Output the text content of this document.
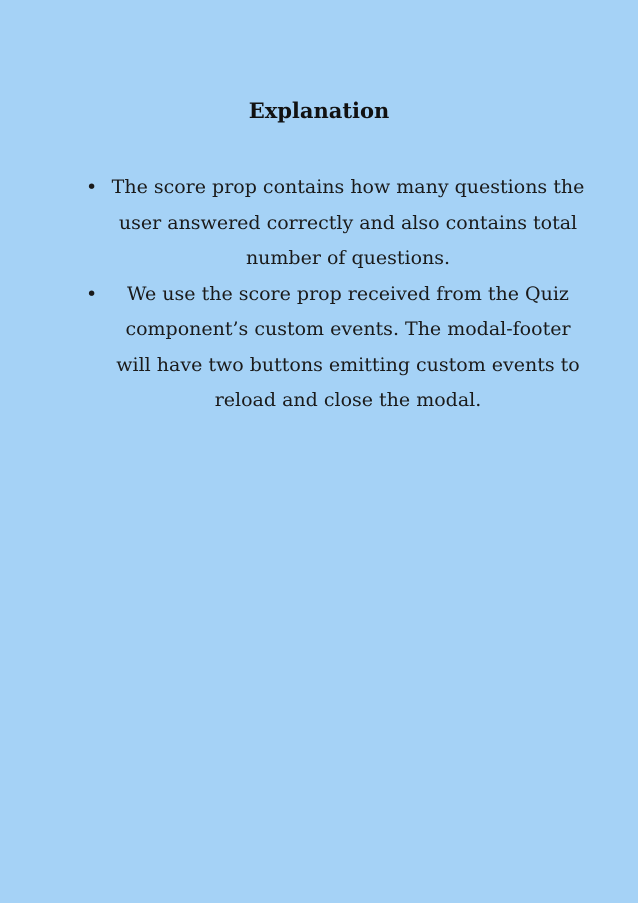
Explanation
• The score prop contains how many questions the user answered correctly and also contains total number of questions.
•	We use the score prop received from the Quiz component’s custom events. The modal-footer will have two buttons emitting custom events to reload and close the modal.
